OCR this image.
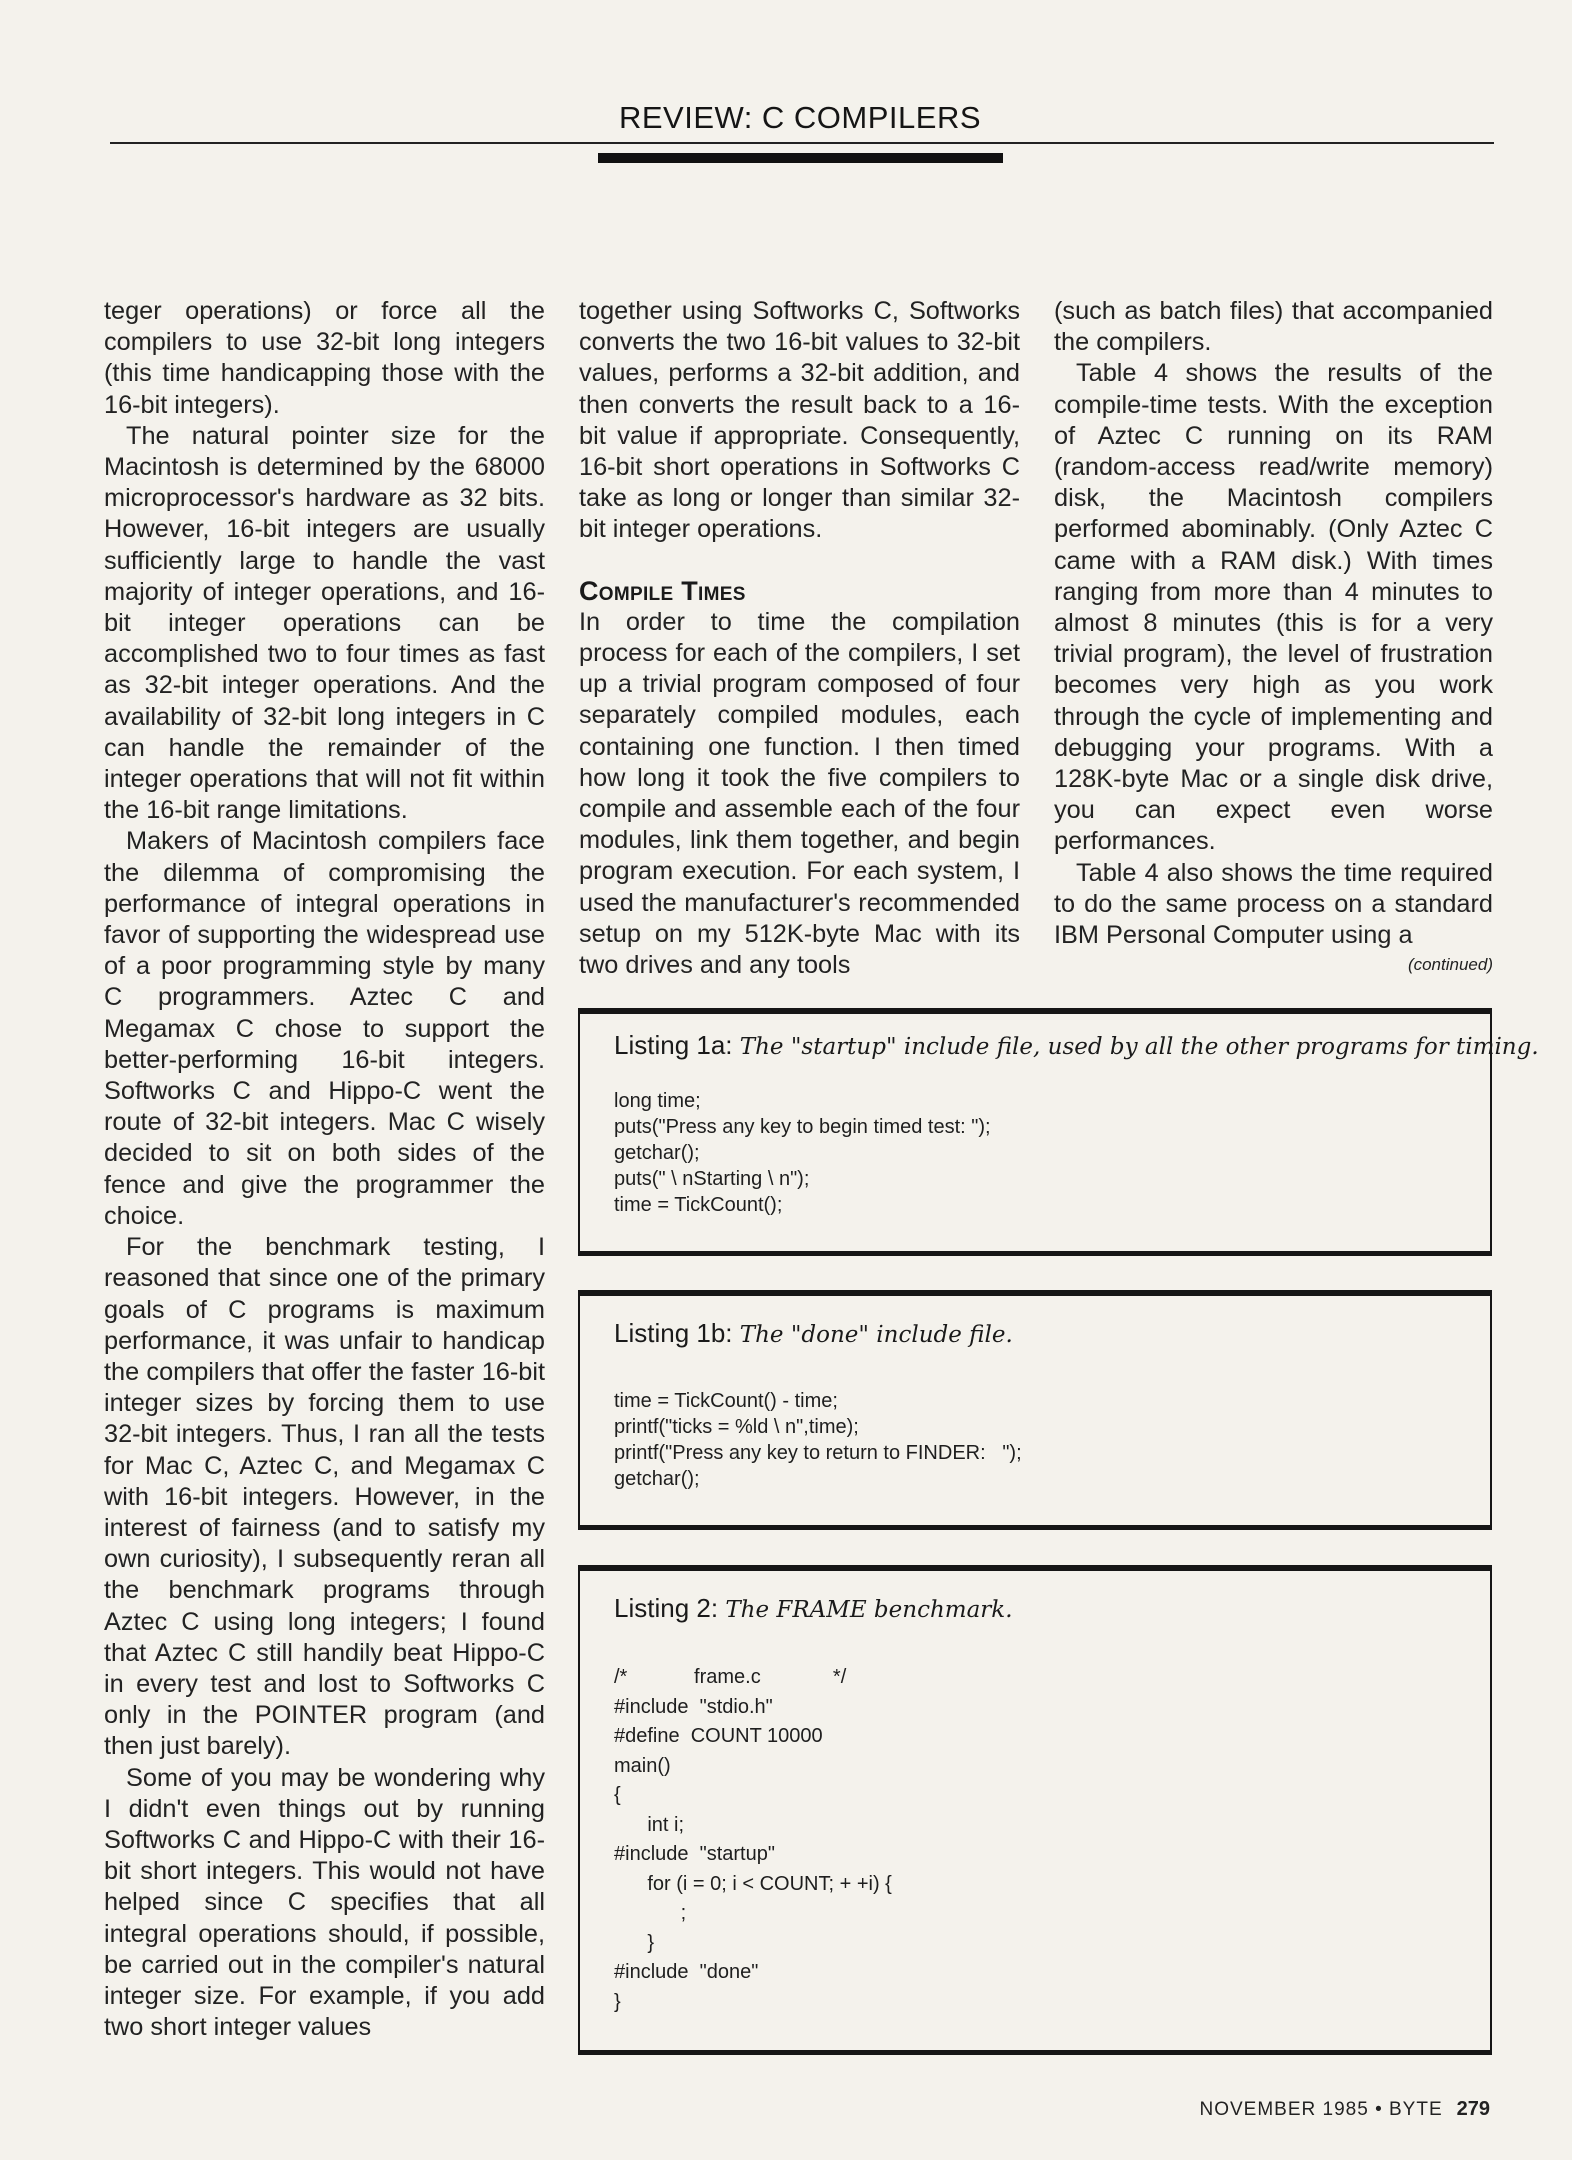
REVIEW: C COMPILERS

teger operations) or force all the compilers to use 32-bit long integers (this time handicapping those with the 16-bit integers).

The natural pointer size for the Macintosh is determined by the 68000 microprocessor's hardware as 32 bits. However, 16-bit integers are usually sufficiently large to handle the vast majority of integer operations, and 16-bit integer operations can be accomplished two to four times as fast as 32-bit integer operations. And the availability of 32-bit long integers in C can handle the remainder of the integer operations that will not fit within the 16-bit range limitations.

Makers of Macintosh compilers face the dilemma of compromising the performance of integral operations in favor of supporting the widespread use of a poor programming style by many C programmers. Aztec C and Megamax C chose to support the better-performing 16-bit integers. Softworks C and Hippo-C went the route of 32-bit integers. Mac C wisely decided to sit on both sides of the fence and give the programmer the choice.

For the benchmark testing, I reasoned that since one of the primary goals of C programs is maximum performance, it was unfair to handicap the compilers that offer the faster 16-bit integer sizes by forcing them to use 32-bit integers. Thus, I ran all the tests for Mac C, Aztec C, and Megamax C with 16-bit integers. However, in the interest of fairness (and to satisfy my own curiosity), I subsequently reran all the benchmark programs through Aztec C using long integers; I found that Aztec C still handily beat Hippo-C in every test and lost to Softworks C only in the POINTER program (and then just barely).

Some of you may be wondering why I didn't even things out by running Softworks C and Hippo-C with their 16-bit short integers. This would not have helped since C specifies that all integral operations should, if possible, be carried out in the compiler's natural integer size. For example, if you add two short integer values

together using Softworks C, Softworks converts the two 16-bit values to 32-bit values, performs a 32-bit addition, and then converts the result back to a 16-bit value if appropriate. Consequently, 16-bit short operations in Softworks C take as long or longer than similar 32-bit integer operations.

Compile Times

In order to time the compilation process for each of the compilers, I set up a trivial program composed of four separately compiled modules, each containing one function. I then timed how long it took the five compilers to compile and assemble each of the four modules, link them together, and begin program execution. For each system, I used the manufacturer's recommended setup on my 512K-byte Mac with its two drives and any tools

(such as batch files) that accompanied the compilers.

Table 4 shows the results of the compile-time tests. With the exception of Aztec C running on its RAM (random-access read/write memory) disk, the Macintosh compilers performed abominably. (Only Aztec C came with a RAM disk.) With times ranging from more than 4 minutes to almost 8 minutes (this is for a very trivial program), the level of frustration becomes very high as you work through the cycle of implementing and debugging your programs. With a 128K-byte Mac or a single disk drive, you can expect even worse performances.

Table 4 also shows the time required to do the same process on a standard IBM Personal Computer using a

(continued)

Listing 1a: The "startup" include file, used by all the other programs for timing.
long time;
puts("Press any key to begin timed test: ");
getchar();
puts(" \ nStarting \ n");
time = TickCount();
Listing 1b: The "done" include file.
time = TickCount() - time;
printf("ticks = %ld \ n",time);
printf("Press any key to return to FINDER:   ");
getchar();
Listing 2: The FRAME benchmark.
/*            frame.c             */
#include  "stdio.h"
#define  COUNT 10000
main()
{
int i;
#include  "startup"
for (i = 0; i < COUNT; + +i) {
;
}
#include  "done"
}
NOVEMBER 1985 • BYTE 279
